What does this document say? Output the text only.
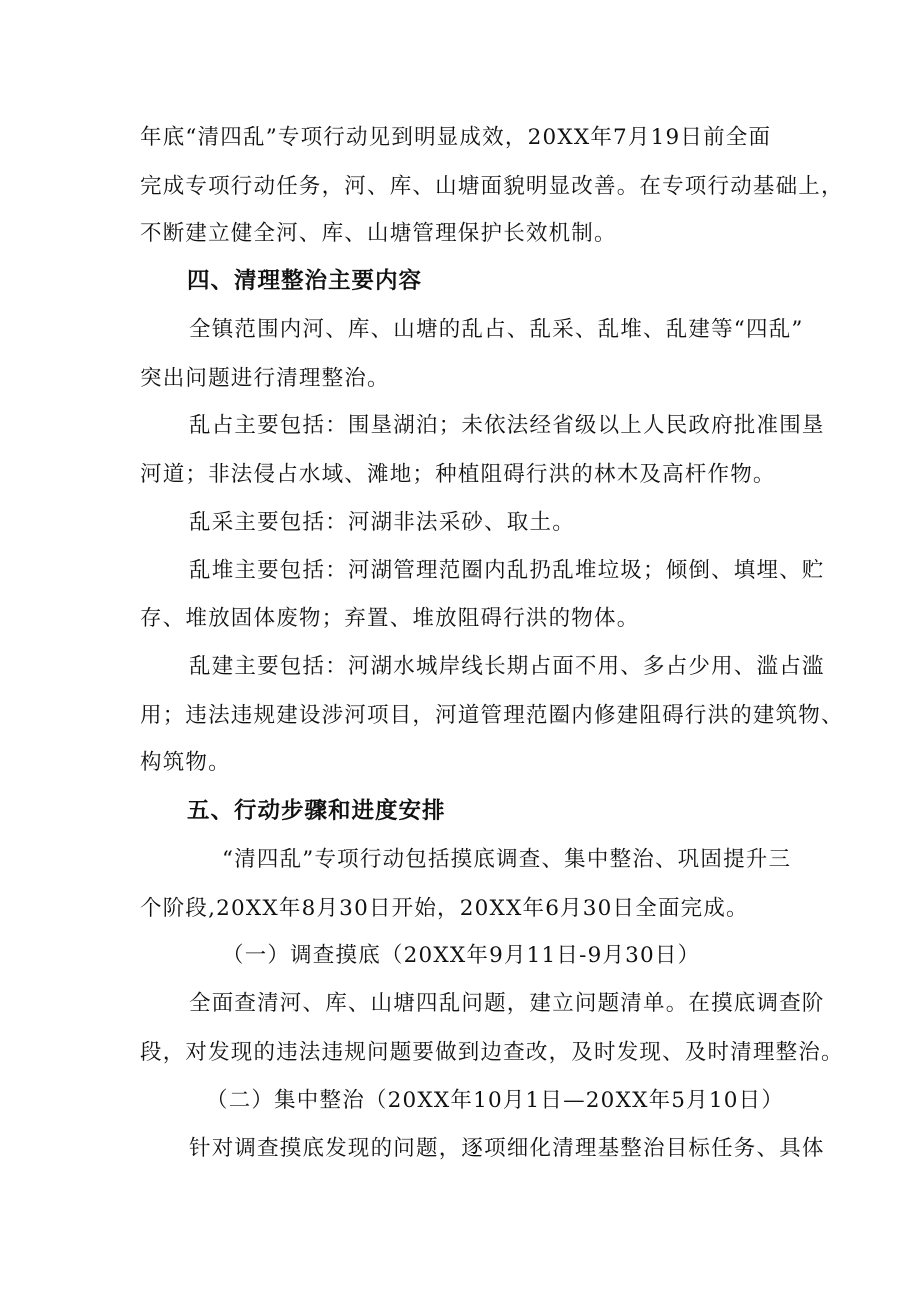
年底“清四乱”专项行动见到明显成效，20XX年7月19日前全面
完成专项行动任务，河、库、山塘面貌明显改善。在专项行动基础上，
不断建立健全河、库、山塘管理保护长效机制。
四、清理整治主要内容
全镇范围内河、库、山塘的乱占、乱采、乱堆、乱建等“四乱”
突出问题进行清理整治。
乱占主要包括：围垦湖泊；未依法经省级以上人民政府批准围垦
河道；非法侵占水域、滩地；种植阻碍行洪的林木及高杆作物。
乱采主要包括：河湖非法采砂、取土。
乱堆主要包括：河湖管理范圈内乱扔乱堆垃圾；倾倒、填埋、贮
存、堆放固体废物；弃置、堆放阻碍行洪的物体。
乱建主要包括：河湖水城岸线长期占面不用、多占少用、滥占滥
用；违法违规建设涉河项目，河道管理范圈内修建阻碍行洪的建筑物、
构筑物。
五、行动步骤和进度安排
“清四乱”专项行动包括摸底调查、集中整治、巩固提升三
个阶段,20XX年8月30日开始，20XX年6月30日全面完成。
（一）调查摸底（20XX年9月11日-9月30日）
全面查清河、库、山塘四乱问题，建立问题清单。在摸底调查阶
段，对发现的违法违规问题要做到边查改，及时发现、及时清理整治。
（二）集中整治（20XX年10月1日—20XX年5月10日）
针对调查摸底发现的问题，逐项细化清理基整治目标任务、具体
